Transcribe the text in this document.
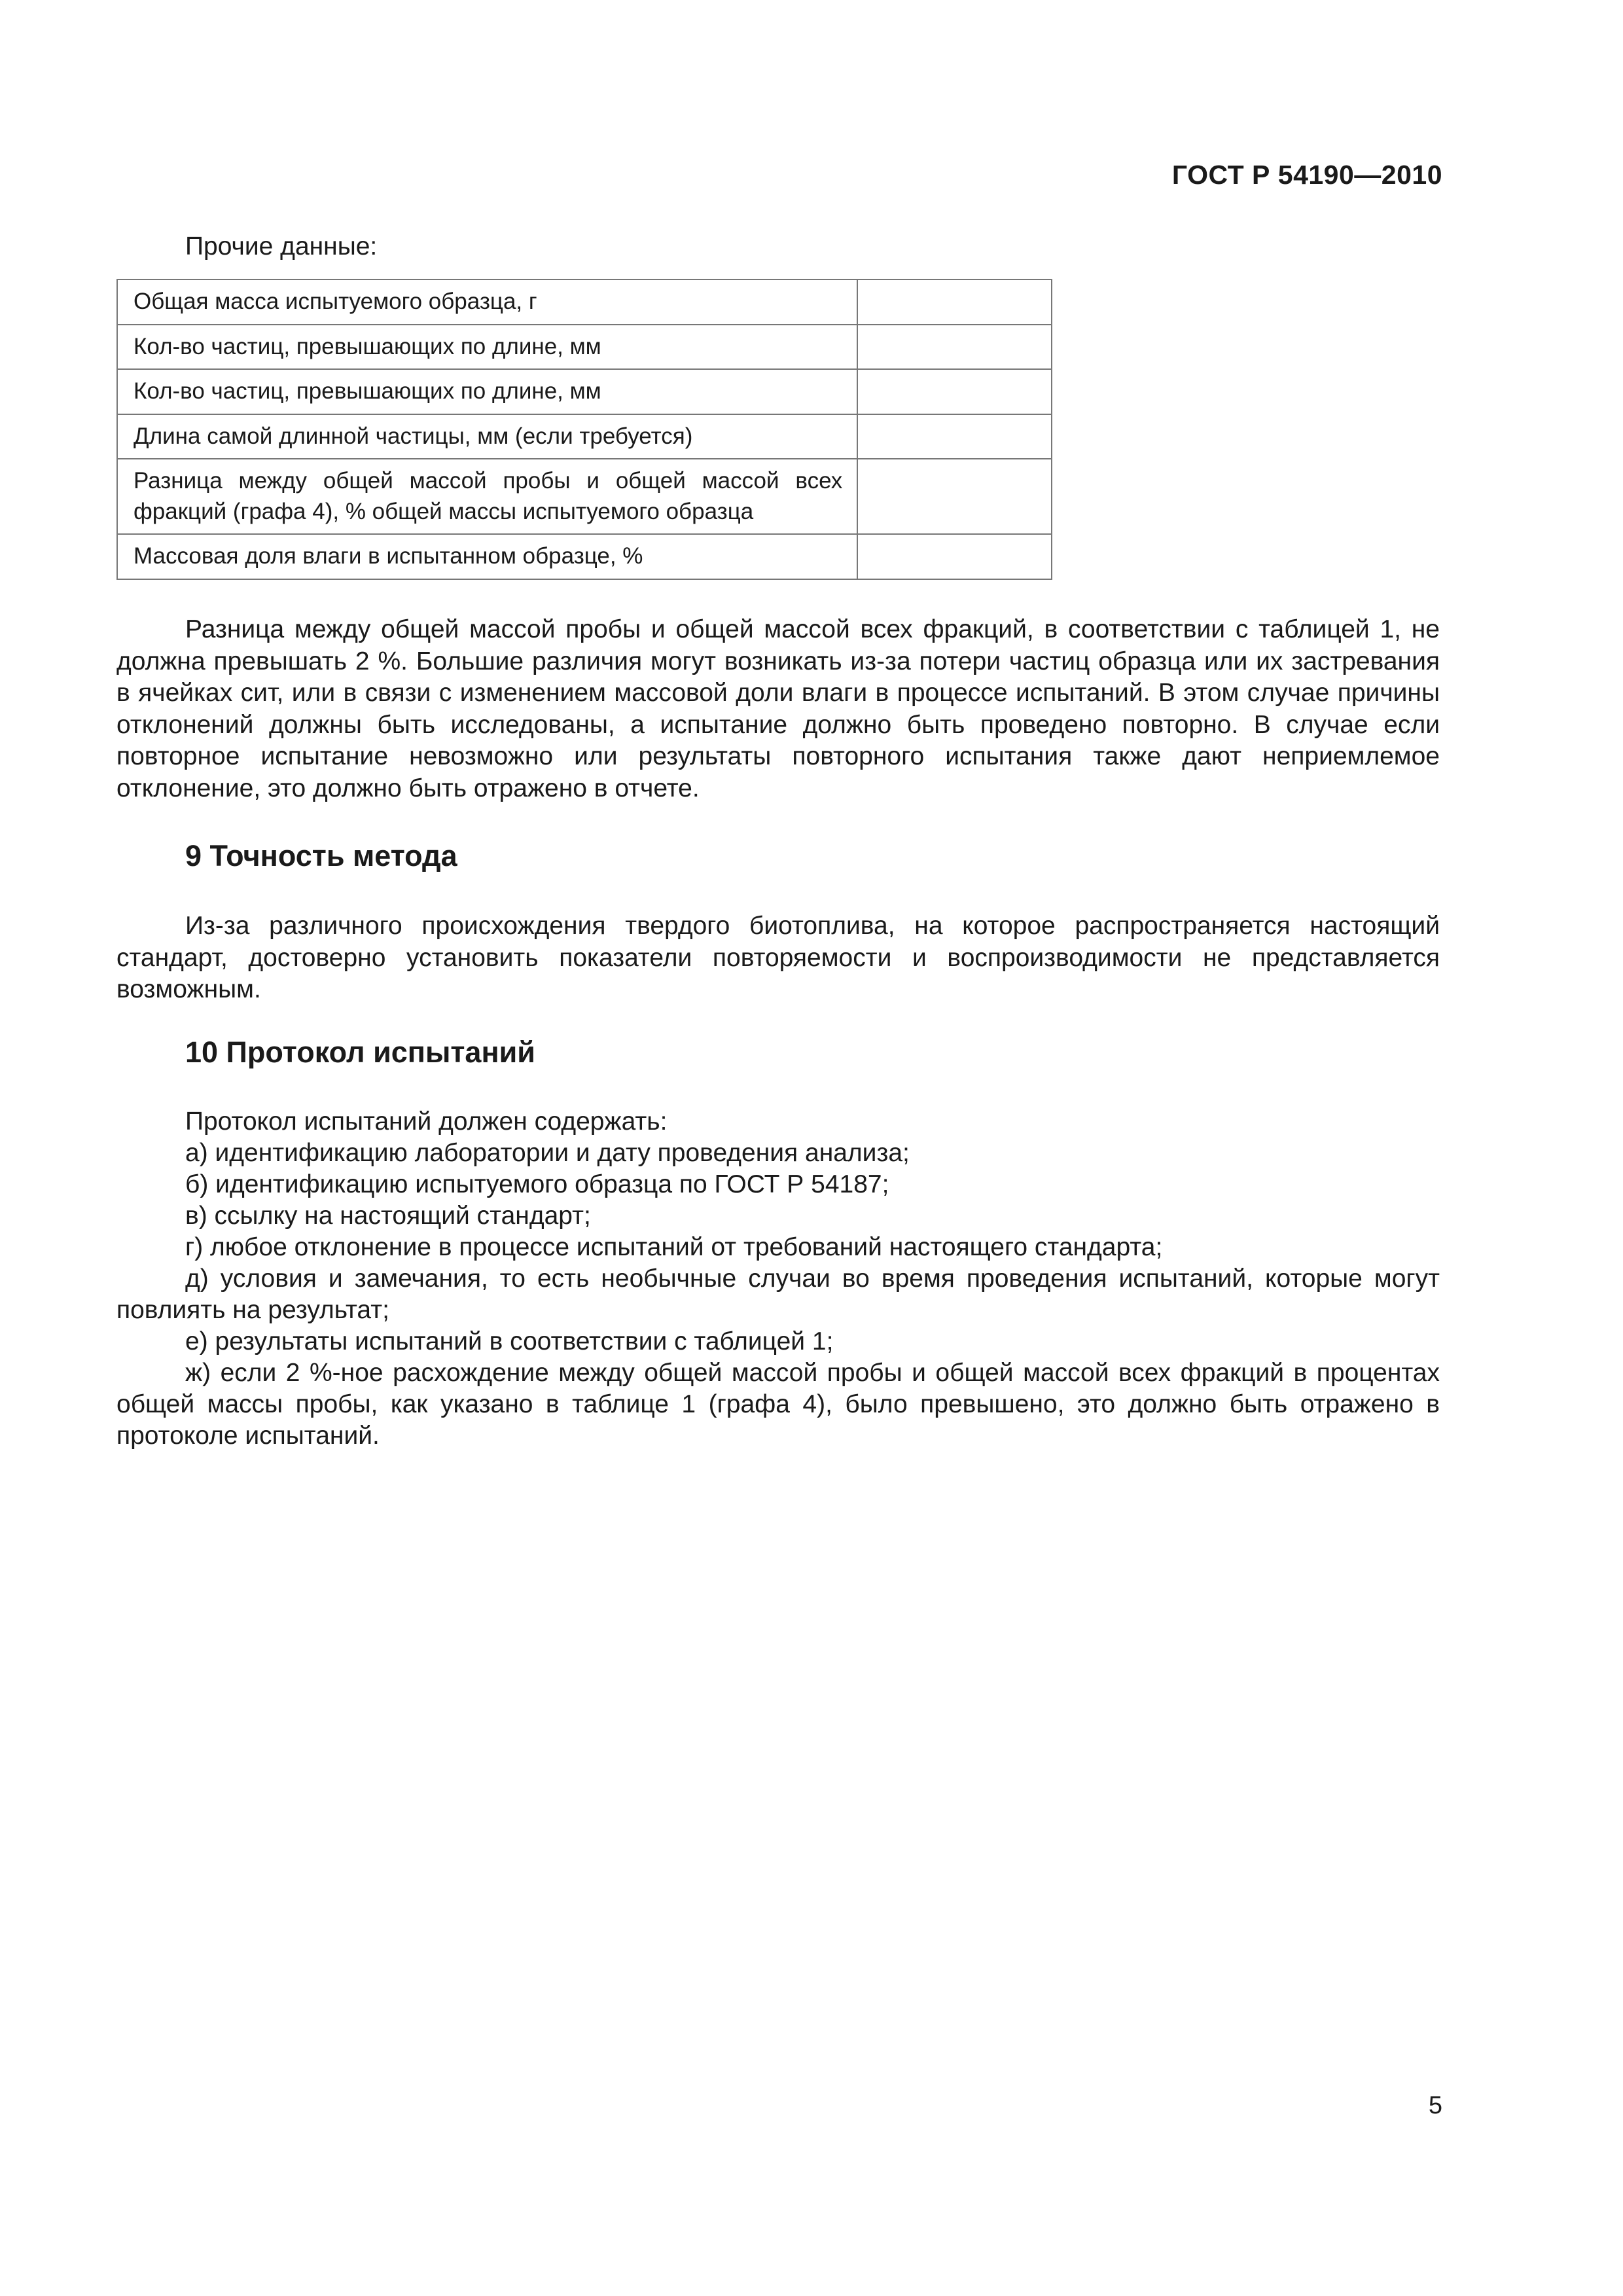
ГОСТ Р 54190—2010
Прочие данные:
Общая масса испытуемого образца, г	
Кол-во частиц, превышающих по длине, мм	
Кол-во частиц, превышающих по длине, мм	
Длина самой длинной частицы, мм (если требуется)	
Разница между общей массой пробы и общей массой всех фракций (графа 4), % общей массы испытуемого образца	
Массовая доля влаги в испытанном образце, %	

Разница между общей массой пробы и общей массой всех фракций, в соответствии с таблицей 1, не должна превышать 2 %. Большие различия могут возникать из-за потери частиц образца или их застревания в ячейках сит, или в связи с изменением массовой доли влаги в процессе испытаний. В этом случае причины отклонений должны быть исследованы, а испытание должно быть проведено повторно. В случае если повторное испытание невозможно или результаты повторного испытания также дают неприемлемое отклонение, это должно быть отражено в отчете.

9 Точность метода

Из-за различного происхождения твердого биотоплива, на которое распространяется настоящий стандарт, достоверно установить показатели повторяемости и воспроизводимости не представляется возможным.

10 Протокол испытаний

Протокол испытаний должен содержать:

а) идентификацию лаборатории и дату проведения анализа;

б) идентификацию испытуемого образца по ГОСТ Р 54187;

в) ссылку на настоящий стандарт;

г) любое отклонение в процессе испытаний от требований настоящего стандарта;

д) условия и замечания, то есть необычные случаи во время проведения испытаний, которые могут повлиять на результат;

е) результаты испытаний в соответствии с таблицей 1;

ж) если 2 %-ное расхождение между общей массой пробы и общей массой всех фракций в процентах общей массы пробы, как указано в таблице 1 (графа 4), было превышено, это должно быть отражено в протоколе испытаний.

5
